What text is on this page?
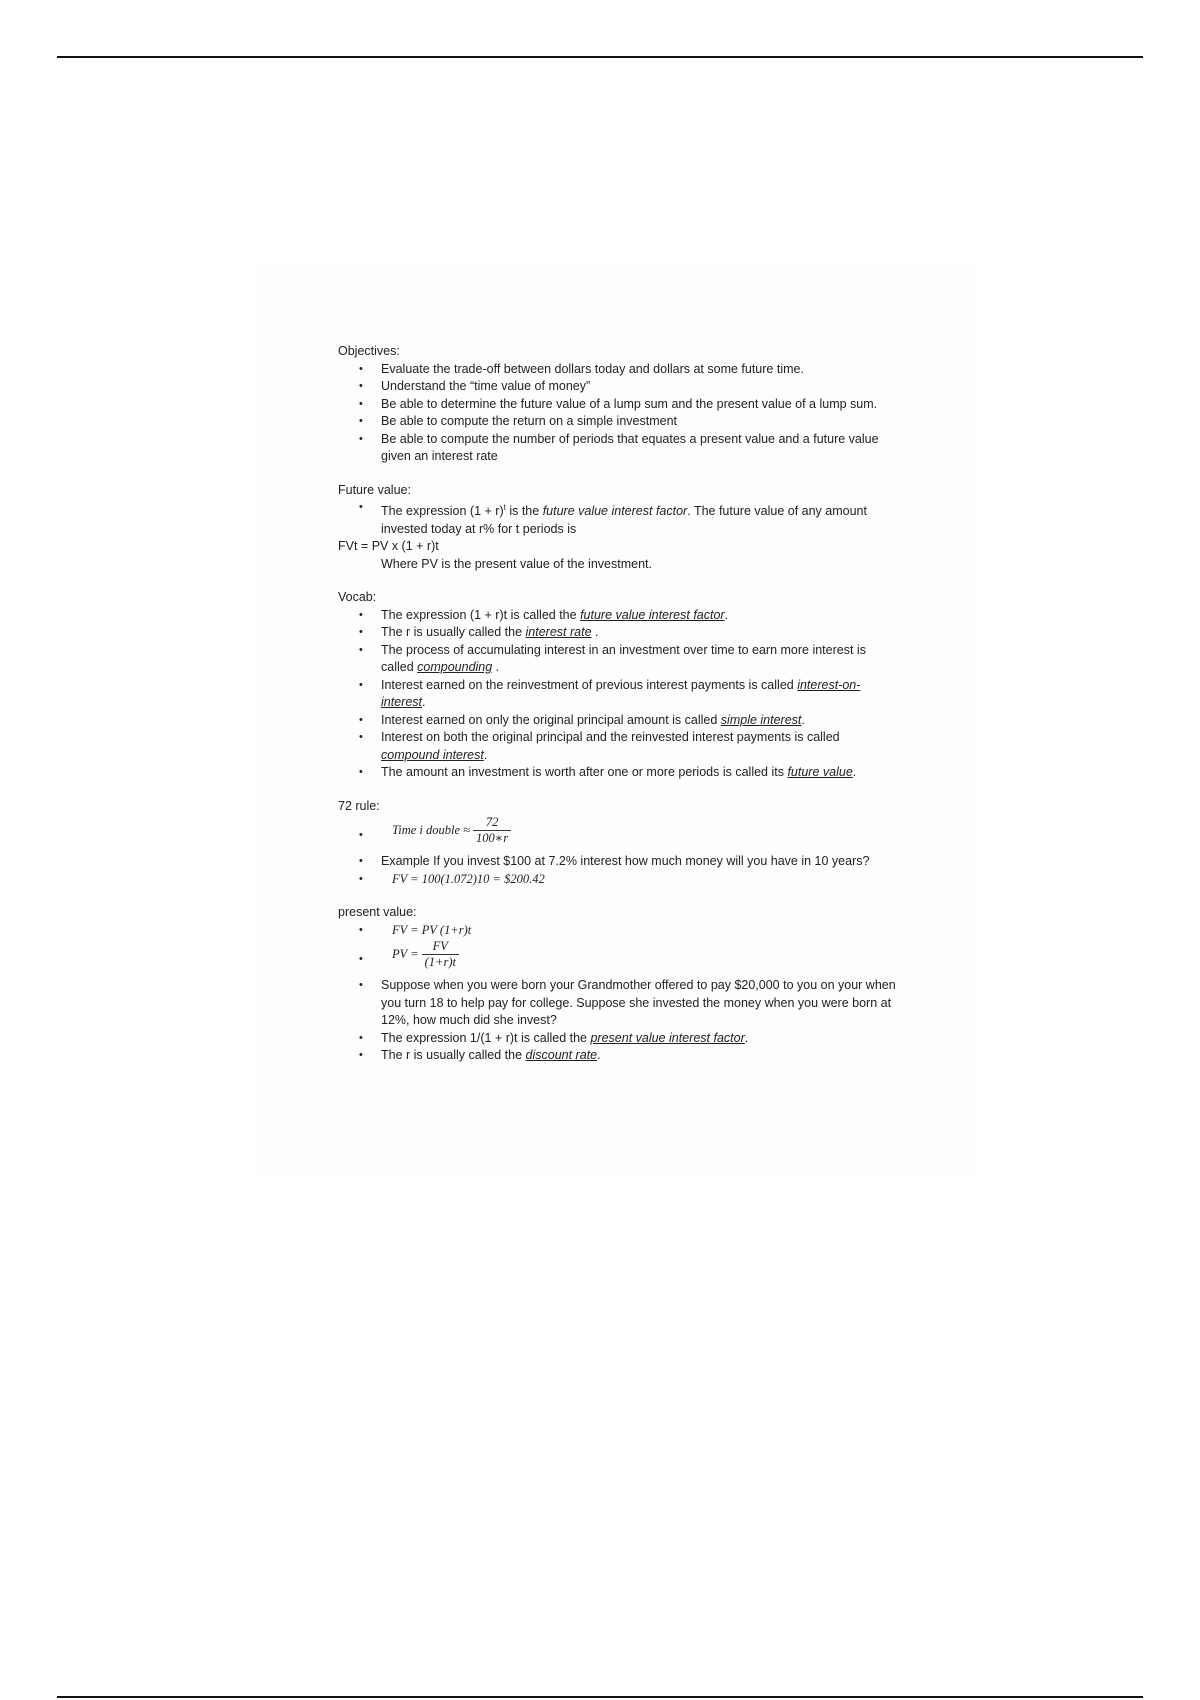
Objectives:

• Evaluate the trade-off between dollars today and dollars at some future time.
• Understand the “time value of money”
• Be able to determine the future value of a lump sum and the present value of a lump sum.
• Be able to compute the return on a simple investment
• Be able to compute the number of periods that equates a present value and a future value given an interest rate

Future value:

• The expression $(1 + r)^t$ is the future value interest factor. The future value of any amount invested today at r% for t periods is

FVt = PV x (1 + r)t

Where PV is the present value of the investment.

Vocab:

• The expression (1 + r)t is called the future value interest factor.
• The r is usually called the interest rate .
• The process of accumulating interest in an investment over time to earn more interest is called compounding .
• Interest earned on the reinvestment of previous interest payments is called interest-on-interest.
• Interest earned on only the original principal amount is called simple interest.
• Interest on both the original principal and the reinvested interest payments is called compound interest.
• The amount an investment is worth after one or more periods is called its future value.

72 rule:

• Time i double ≈ $\frac{72}{100∗r}$
• Example If you invest $100 at 7.2% interest how much money will you have in 10 years?
• FV = 100(1.072)10 = $200.42

present value:

• FV = PV (1+r)t
• PV = $\frac{FV}{(1+r)t}$
• Suppose when you were born your Grandmother offered to pay $20,000 to you on your when you turn 18 to help pay for college. Suppose she invested the money when you were born at 12%, how much did she invest?
• The expression 1/(1 + r)t is called the present value interest factor.
• The r is usually called the discount rate.
